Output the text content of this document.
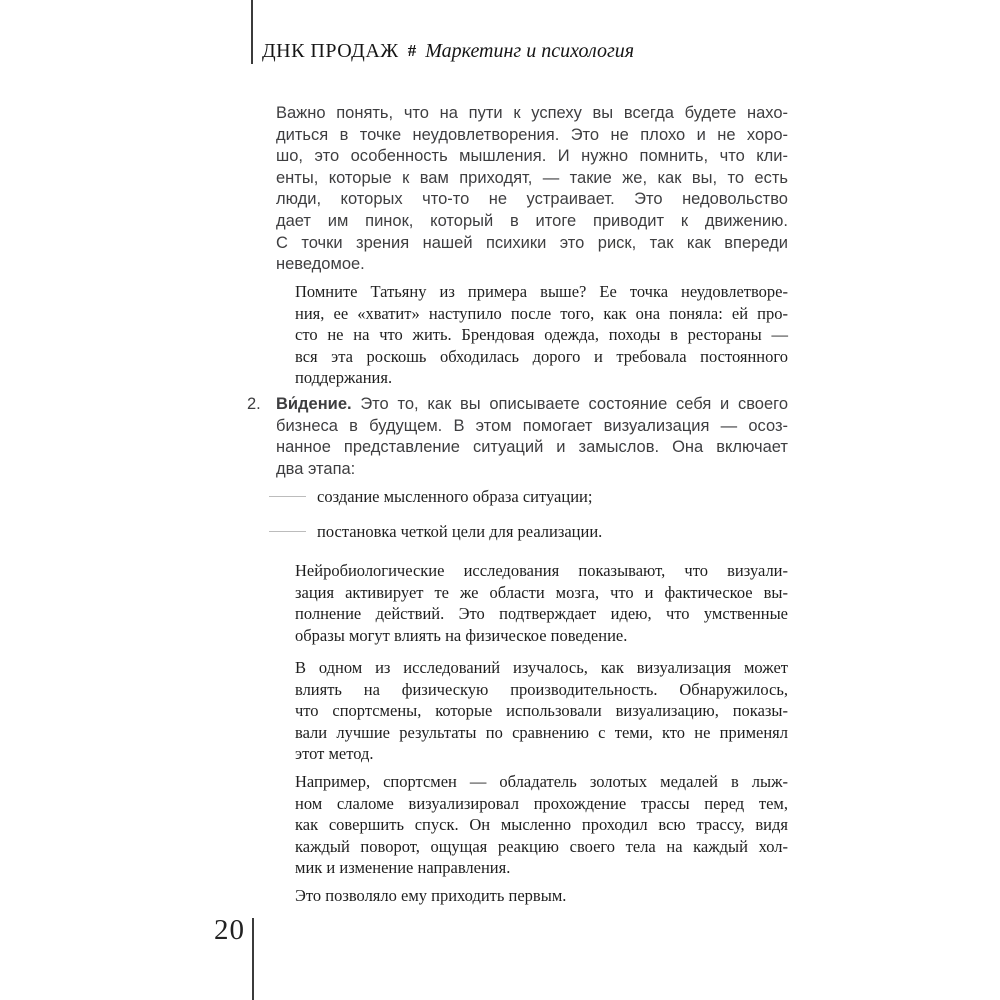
ДНК ПРОДАЖ # Маркетинг и психология
Важно понять, что на пути к успеху вы всегда будете нахо-
диться в точке неудовлетворения. Это не плохо и не хоро-
шо, это особенность мышления. И нужно помнить, что кли-
енты, которые к вам приходят, — такие же, как вы, то есть
люди, которых что-то не устраивает. Это недовольство
дает им пинок, который в итоге приводит к движению.
С точки зрения нашей психики это риск, так как впереди
неведомое.
Помните Татьяну из примера выше? Ее точка неудовлетворе-
ния, ее «хватит» наступило после того, как она поняла: ей про-
сто не на что жить. Брендовая одежда, походы в рестораны —
вся эта роскошь обходилась дорого и требовала постоянного
поддержания.
2. Ви́дение. Это то, как вы описываете состояние себя и своего
бизнеса в будущем. В этом помогает визуализация — осоз-
нанное представление ситуаций и замыслов. Она включает
два этапа:
создание мысленного образа ситуации;
постановка четкой цели для реализации.
Нейробиологические исследования показывают, что визуали-
зация активирует те же области мозга, что и фактическое вы-
полнение действий. Это подтверждает идею, что умственные
образы могут влиять на физическое поведение.
В одном из исследований изучалось, как визуализация может
влиять на физическую производительность. Обнаружилось,
что спортсмены, которые использовали визуализацию, показы-
вали лучшие результаты по сравнению с теми, кто не применял
этот метод.
Например, спортсмен — обладатель золотых медалей в лыж-
ном слаломе визуализировал прохождение трассы перед тем,
как совершить спуск. Он мысленно проходил всю трассу, видя
каждый поворот, ощущая реакцию своего тела на каждый хол-
мик и изменение направления.
Это позволяло ему приходить первым.
20
